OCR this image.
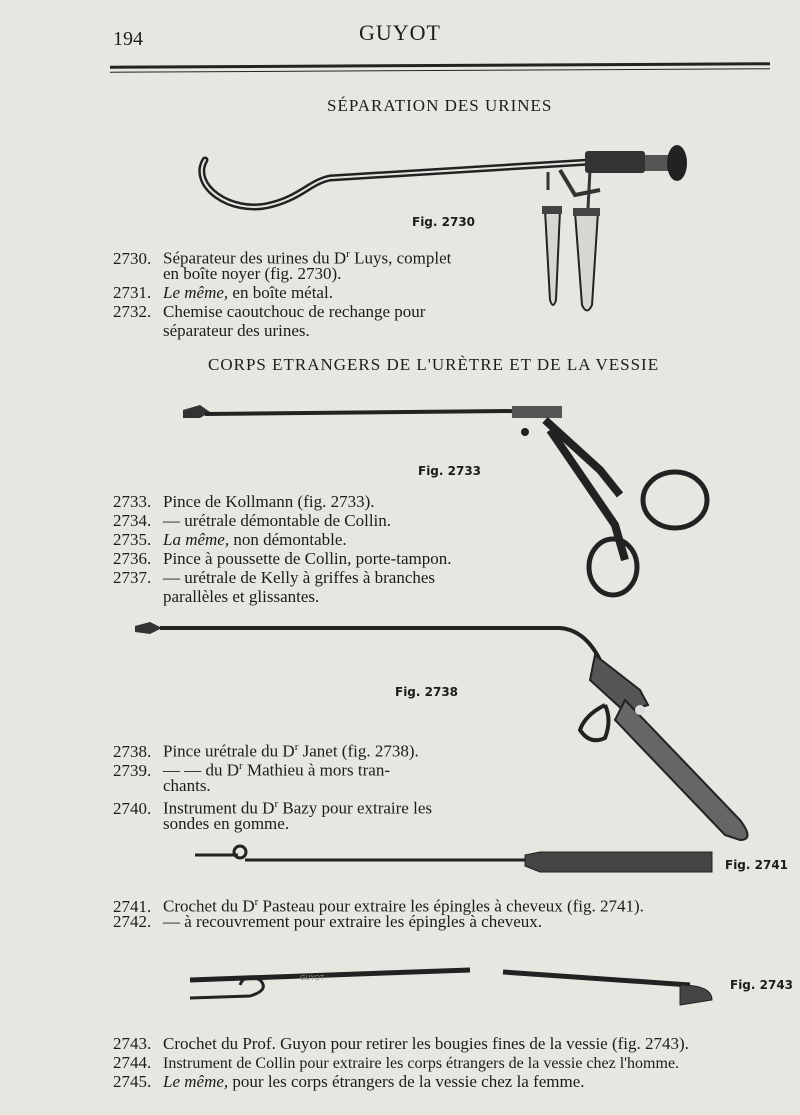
194	GUYOT
SÉPARATION DES URINES
Fig. 2730
2730. Séparateur des urines du $D^r$ Luys, complet
en boîte noyer (fig. 2730).
2731. Le même, en boîte métal.
2732. Chemise caoutchouc de rechange pour
séparateur des urines.
CORPS ETRANGERS DE L'URÈTRE ET DE LA VESSIE
Fig. 2733
2733. Pince de Kollmann (fig. 2733).
2734. — urétrale démontable de Collin.
2735. La même, non démontable.
2736. Pince à poussette de Collin, porte-tampon.
2737. — urétrale de Kelly à griffes à branches
parallèles et glissantes.
Fig. 2738
2738. Pince urétrale du $D^r$ Janet (fig. 2738).
2739. — — du $D^r$ Mathieu à mors tran-
chants.
2740. Instrument du $D^r$ Bazy pour extraire les
sondes en gomme.
Fig. 2741
2741. Crochet du $D^r$ Pasteau pour extraire les épingles à cheveux (fig. 2741).
2742. — à recouvrement pour extraire les épingles à cheveux.
GUYOT	Fig. 2743
2743. Crochet du Prof. Guyon pour retirer les bougies fines de la vessie (fig. 2743).
2744. Instrument de Collin pour extraire les corps étrangers de la vessie chez l'homme.
2745. Le même, pour les corps étrangers de la vessie chez la femme.
